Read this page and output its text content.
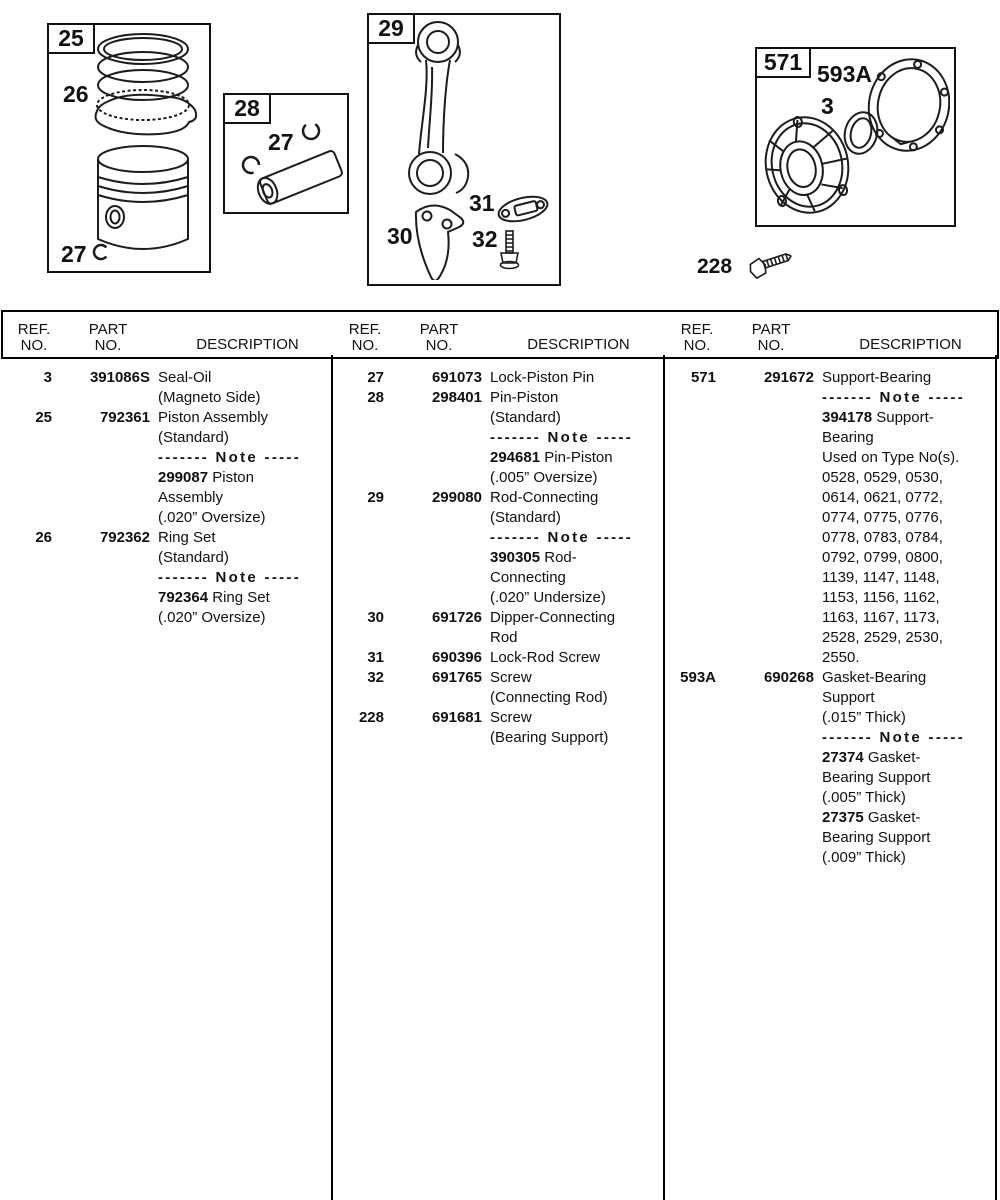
25
26
27
28
27
29
30
31
32
571 593A
3
228
REF.
NO.
PART
NO.	DESCRIPTION
REF.
NO.
PART
NO.	DESCRIPTION
REF.
NO.
PART
NO.	DESCRIPTION
3	391086S Seal-Oil
(Magneto Side)
25	792361 Piston Assembly
(Standard)
------- Note -----
299087 Piston
Assembly
(.020” Oversize)
26	792362 Ring Set
(Standard)
------- Note -----
792364 Ring Set
(.020” Oversize)
27	691073 Lock-Piston Pin
28	298401 Pin-Piston
(Standard)
------- Note -----
294681 Pin-Piston
(.005” Oversize)
29	299080 Rod-Connecting
(Standard)
------- Note -----
390305 Rod-
Connecting
(.020” Undersize)
30	691726 Dipper-Connecting
Rod
31	690396 Lock-Rod Screw
32	691765 Screw
(Connecting Rod)
228	691681 Screw
(Bearing Support)
571	291672 Support-Bearing
------- Note -----
394178 Support-
Bearing
Used on Type No(s).
0528, 0529, 0530,
0614, 0621, 0772,
0774, 0775, 0776,
0778, 0783, 0784,
0792, 0799, 0800,
1139, 1147, 1148,
1153, 1156, 1162,
1163, 1167, 1173,
2528, 2529, 2530,
2550.
593A	690268 Gasket-Bearing
Support
(.015” Thick)
------- Note -----
27374 Gasket-
Bearing Support
(.005” Thick)
27375 Gasket-
Bearing Support
(.009” Thick)
